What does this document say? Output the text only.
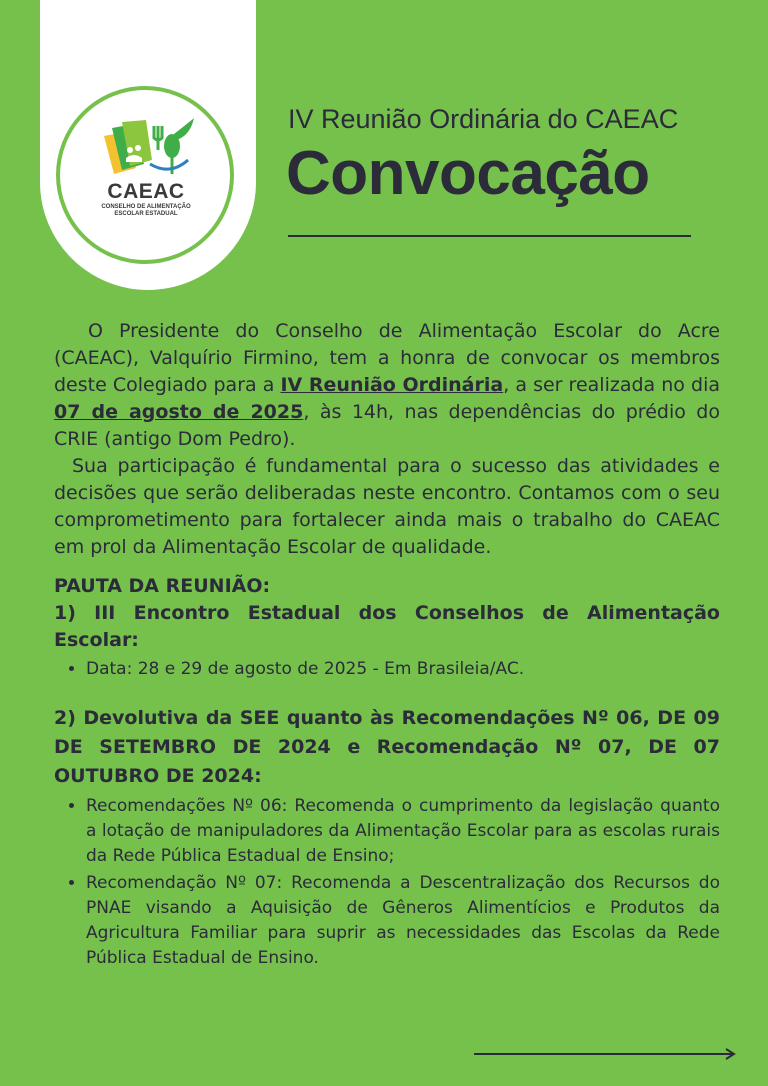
CAEAC
CONSELHO DE ALIMENTAÇÃO
ESCOLAR ESTADUAL
IV Reunião Ordinária do CAEAC
Convocação

O Presidente do Conselho de Alimentação Escolar do Acre (CAEAC), Valquírio Firmino, tem a honra de convocar os membros deste Colegiado para a IV Reunião Ordinária, a ser realizada no dia 07 de agosto de 2025, às 14h, nas dependências do prédio do CRIE (antigo Dom Pedro).

Sua participação é fundamental para o sucesso das atividades e decisões que serão deliberadas neste encontro. Contamos com o seu comprometimento para fortalecer ainda mais o trabalho do CAEAC em prol da Alimentação Escolar de qualidade.

PAUTA DA REUNIÃO:
1) III Encontro Estadual dos Conselhos de Alimentação Escolar:
• Data: 28 e 29 de agosto de 2025 - Em Brasileia/AC.
2) Devolutiva da SEE quanto às Recomendações Nº 06, DE 09 DE SETEMBRO DE 2024 e Recomendação Nº 07, DE 07 OUTUBRO DE 2024:
• Recomendações Nº 06: Recomenda o cumprimento da legislação quanto a lotação de manipuladores da Alimentação Escolar para as escolas rurais da Rede Pública Estadual de Ensino;
• Recomendação Nº 07: Recomenda a Descentralização dos Recursos do PNAE visando a Aquisição de Gêneros Alimentícios e Produtos da Agricultura Familiar para suprir as necessidades das Escolas da Rede Pública Estadual de Ensino.
